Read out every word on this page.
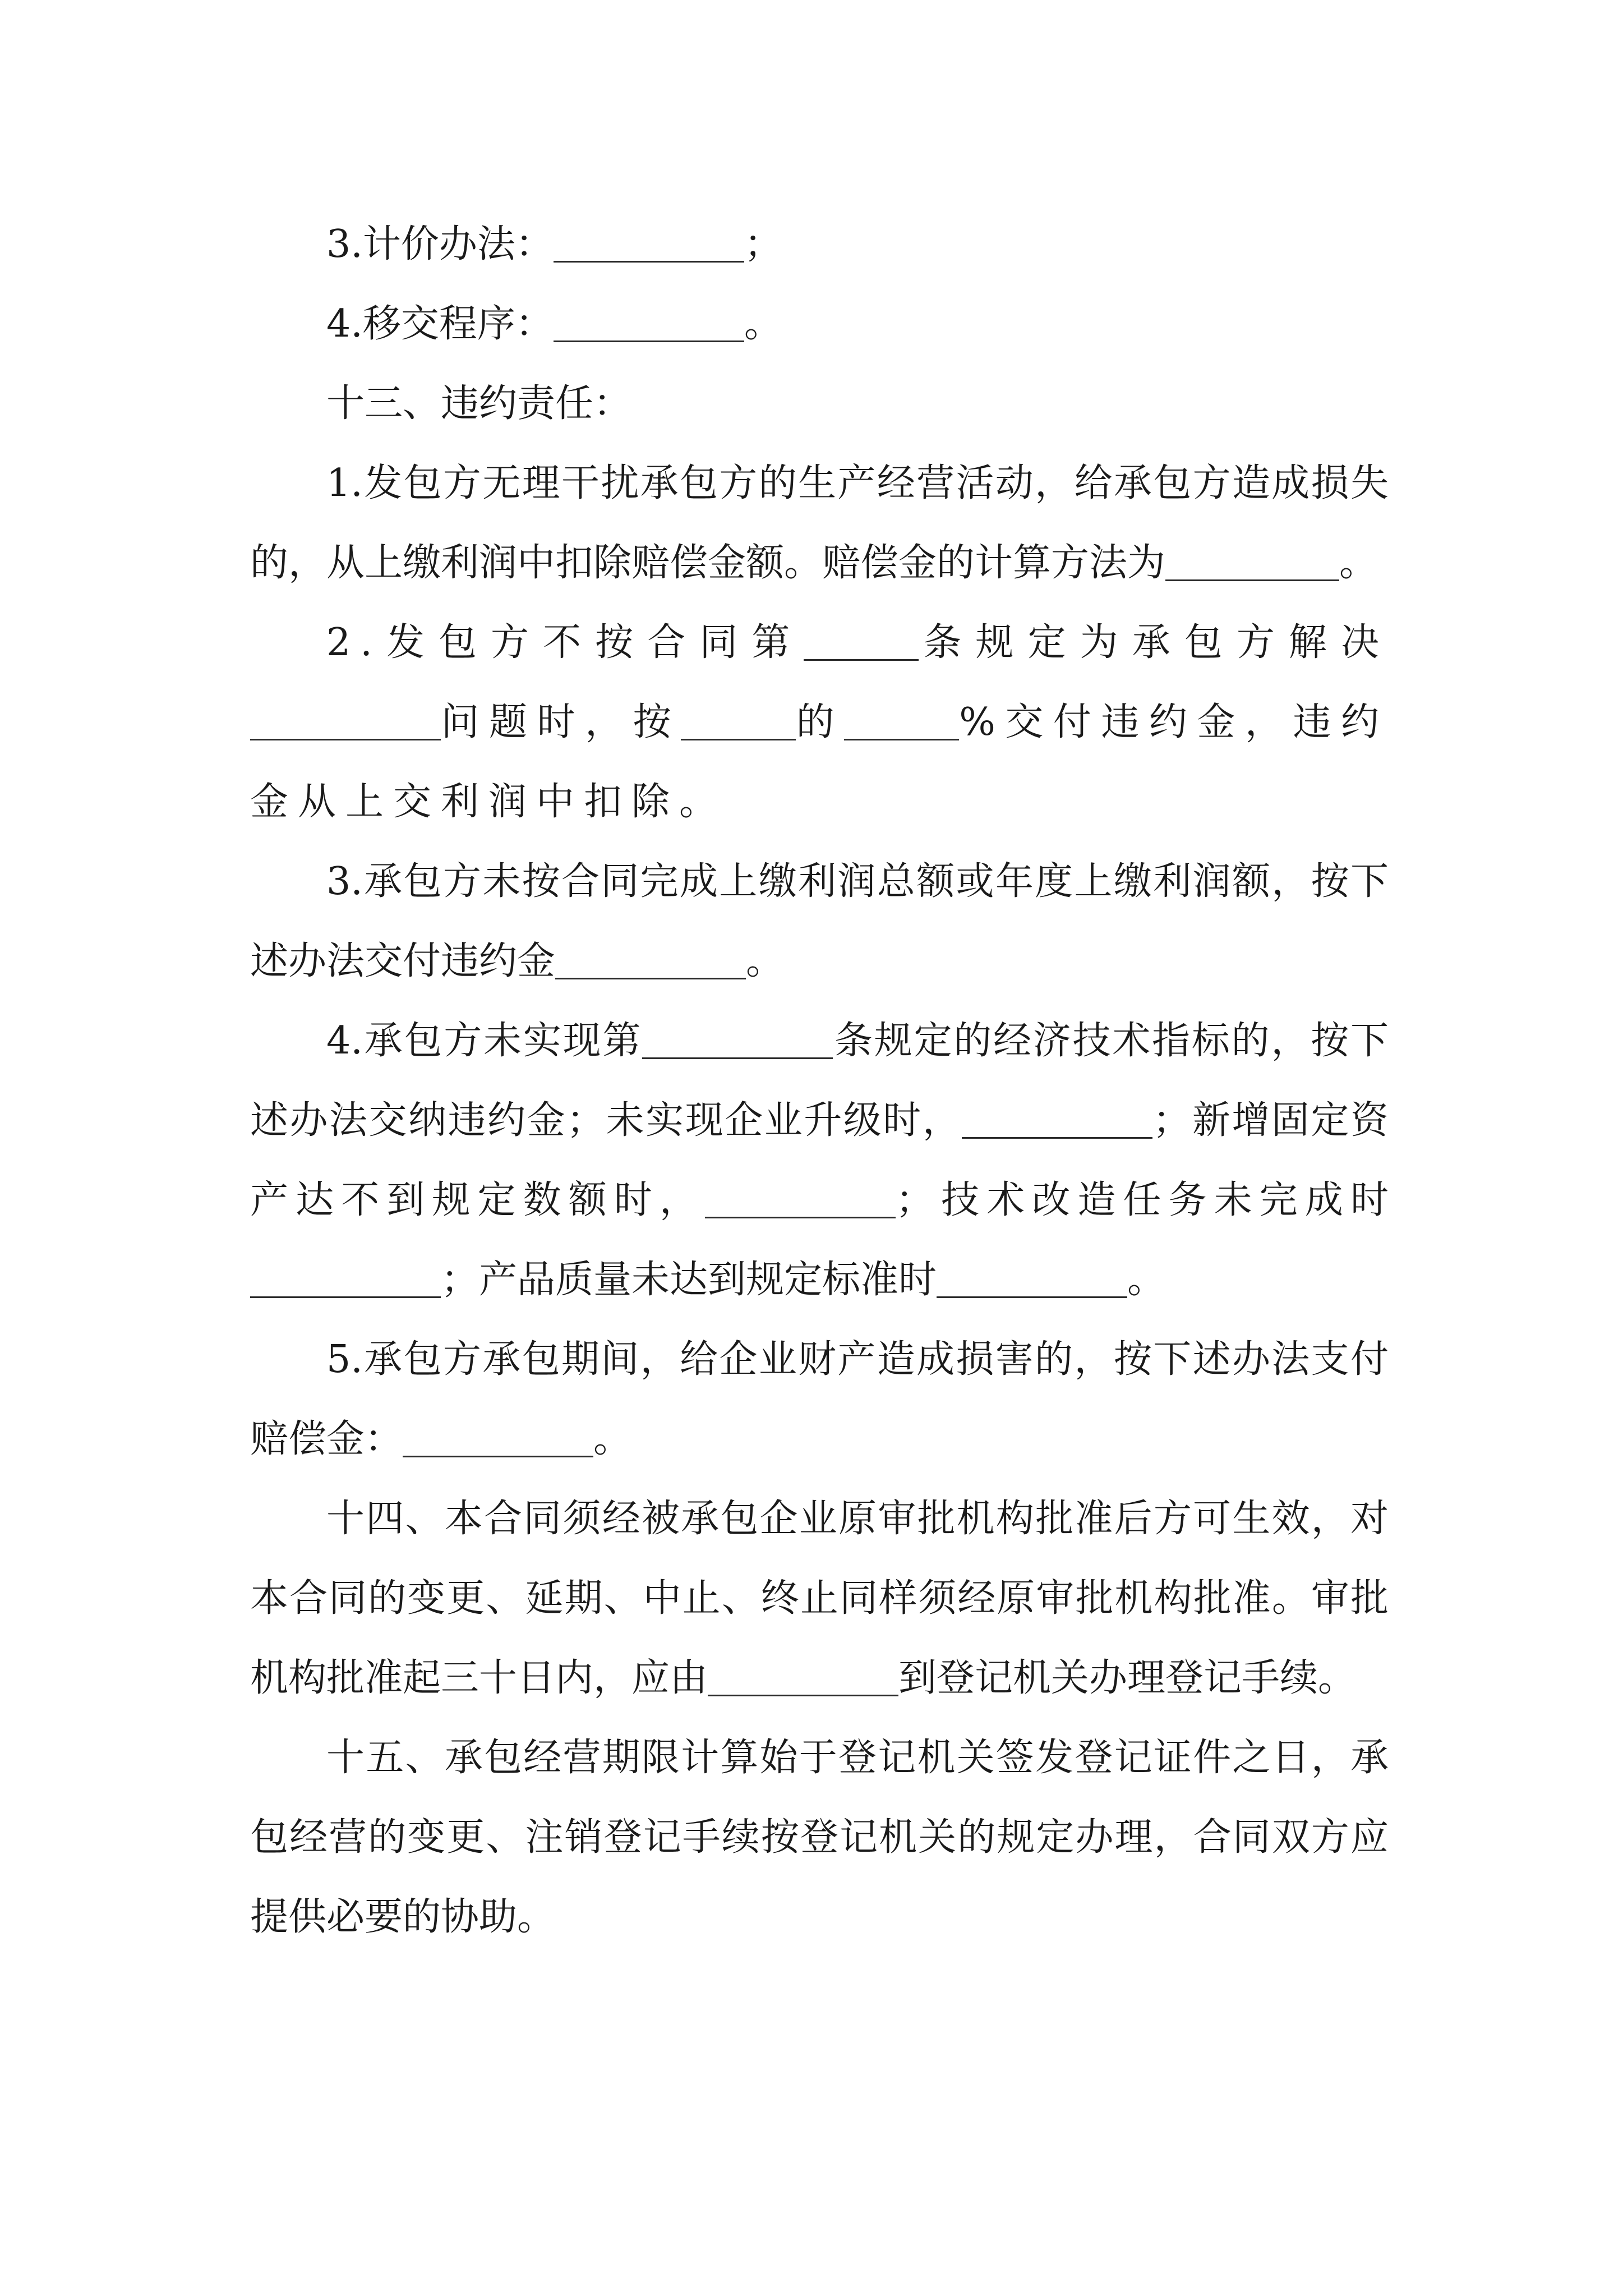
3.计价办法：	；

4.移交程序：	。

十三、违约责任：

1.发包方无理干扰承包方的生产经营活动，给承包方造成损失的，从上缴利润中扣除赔偿金额。赔偿金的计算方法为	。

2.发包方不按合同第	条规定为承包方解决问题时，按	的	%交付违约金，违约金从上交利润中扣除。

3.承包方未按合同完成上缴利润总额或年度上缴利润额，按下述办法交付违约金	。

4.承包方未实现第	条规定的经济技术指标的，按下述办法交纳违约金；未实现企业升级时，	；新增固定资产达不到规定数额时，	；技术改造任务未完成时；产品质量未达到规定标准时	。

5.承包方承包期间，给企业财产造成损害的，按下述办法支付赔偿金：	。

十四、本合同须经被承包企业原审批机构批准后方可生效，对本合同的变更、延期、中止、终止同样须经原审批机构批准。审批机构批准起三十日内，应由	到登记机关办理登记手续。

十五、承包经营期限计算始于登记机关签发登记证件之日，承包经营的变更、注销登记手续按登记机关的规定办理，合同双方应提供必要的协助。
